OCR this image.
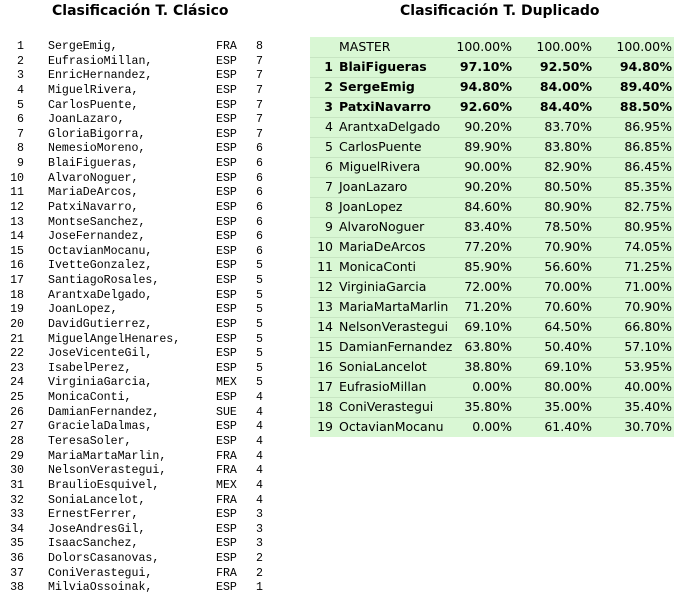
Clasificación T. Clásico	Clasificación T. Duplicado
1 SergeEmig,	FRA 8
2 EufrasioMillan,	ESP 7
3 EnricHernandez,	ESP 7
4 MiguelRivera,	ESP 7
5 CarlosPuente,	ESP 7
6 JoanLazaro,	ESP 7
7 GloriaBigorra,	ESP 7
8 NemesioMoreno,	ESP 6
9 BlaiFigueras,	ESP 6
10 AlvaroNoguer,	ESP 6
11 MariaDeArcos,	ESP 6
12 PatxiNavarro,	ESP 6
13 MontseSanchez,	ESP 6
14 JoseFernandez,	ESP 6
15 OctavianMocanu,	ESP 6
16 IvetteGonzalez,	ESP 5
17 SantiagoRosales,	ESP 5
18 ArantxaDelgado,	ESP 5
19 JoanLopez,	ESP 5
20 DavidGutierrez,	ESP 5
21 MiguelAngelHenares,	ESP 5
22 JoseVicenteGil,	ESP 5
23 IsabelPerez,	ESP 5
24 VirginiaGarcia,	MEX 5
25 MonicaConti,	ESP 4
26 DamianFernandez,	SUE 4
27 GracielaDalmas,	ESP 4
28 TeresaSoler,	ESP 4
29 MariaMartaMarlin,	FRA 4
30 NelsonVerastegui,	FRA 4
31 BraulioEsquivel,	MEX 4
32 SoniaLancelot,	FRA 4
33 ErnestFerrer,	ESP 3
34 JoseAndresGil,	ESP 3
35 IsaacSanchez,	ESP 3
36 DolorsCasanovas,	ESP 2
37 ConiVerastegui,	FRA 2
38 MilviaOssoinak,	ESP 1
MASTER	100.00%	100.00%	100.00%
1 BlaiFigueras	97.10%	92.50%	94.80%
2 SergeEmig	94.80%	84.00%	89.40%
3 PatxiNavarro	92.60%	84.40%	88.50%
4 ArantxaDelgado	90.20%	83.70%	86.95%
5 CarlosPuente	89.90%	83.80%	86.85%
6 MiguelRivera	90.00%	82.90%	86.45%
7 JoanLazaro	90.20%	80.50%	85.35%
8 JoanLopez	84.60%	80.90%	82.75%
9 AlvaroNoguer	83.40%	78.50%	80.95%
10 MariaDeArcos	77.20%	70.90%	74.05%
11 MonicaConti	85.90%	56.60%	71.25%
12 VirginiaGarcia	72.00%	70.00%	71.00%
13 MariaMartaMarlin	71.20%	70.60%	70.90%
14 NelsonVerastegui	69.10%	64.50%	66.80%
15 DamianFernandez 63.80%	50.40%	57.10%
16 SoniaLancelot	38.80%	69.10%	53.95%
17 EufrasioMillan	0.00%	80.00%	40.00%
18 ConiVerastegui	35.80%	35.00%	35.40%
19 OctavianMocanu	0.00%	61.40%	30.70%
